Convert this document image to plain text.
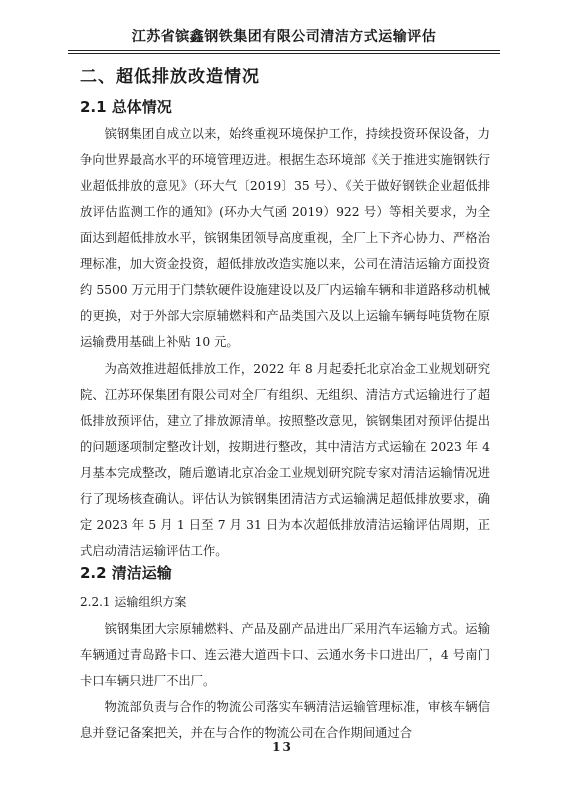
江苏省镔鑫钢铁集团有限公司清洁方式运输评估
二、超低排放改造情况
2.1 总体情况

镔钢集团自成立以来，始终重视环境保护工作，持续投资环保设备，力争向世界最高水平的环境管理迈进。根据生态环境部《关于推进实施钢铁行业超低排放的意见》（环大气〔2019〕35 号）、《关于做好钢铁企业超低排放评估监测工作的通知》(环办大气函 2019）922 号）等相关要求，为全面达到超低排放水平，镔钢集团领导高度重视，全厂上下齐心协力、严格治理标准，加大资金投资，超低排放改造实施以来，公司在清洁运输方面投资约 5500 万元用于门禁软硬件设施建设以及厂内运输车辆和非道路移动机械的更换，对于外部大宗原辅燃料和产品类国六及以上运输车辆每吨货物在原运输费用基础上补贴 10 元。

为高效推进超低排放工作，2022 年 8 月起委托北京冶金工业规划研究院、江苏环保集团有限公司对全厂有组织、无组织、清洁方式运输进行了超低排放预评估，建立了排放源清单。按照整改意见，镔钢集团对预评估提出的问题逐项制定整改计划，按期进行整改，其中清洁方式运输在 2023 年 4 月基本完成整改，随后邀请北京冶金工业规划研究院专家对清洁运输情况进行了现场核查确认。评估认为镔钢集团清洁方式运输满足超低排放要求，确定 2023 年 5 月 1 日至 7 月 31 日为本次超低排放清洁运输评估周期，正式启动清洁运输评估工作。

2.2 清洁运输
2.2.1 运输组织方案

镔钢集团大宗原辅燃料、产品及副产品进出厂采用汽车运输方式。运输车辆通过青岛路卡口、连云港大道西卡口、云通水务卡口进出厂，4 号南门卡口车辆只进厂不出厂。

物流部负责与合作的物流公司落实车辆清洁运输管理标准，审核车辆信息并登记备案把关，并在与合作的物流公司在合作期间通过合

13
